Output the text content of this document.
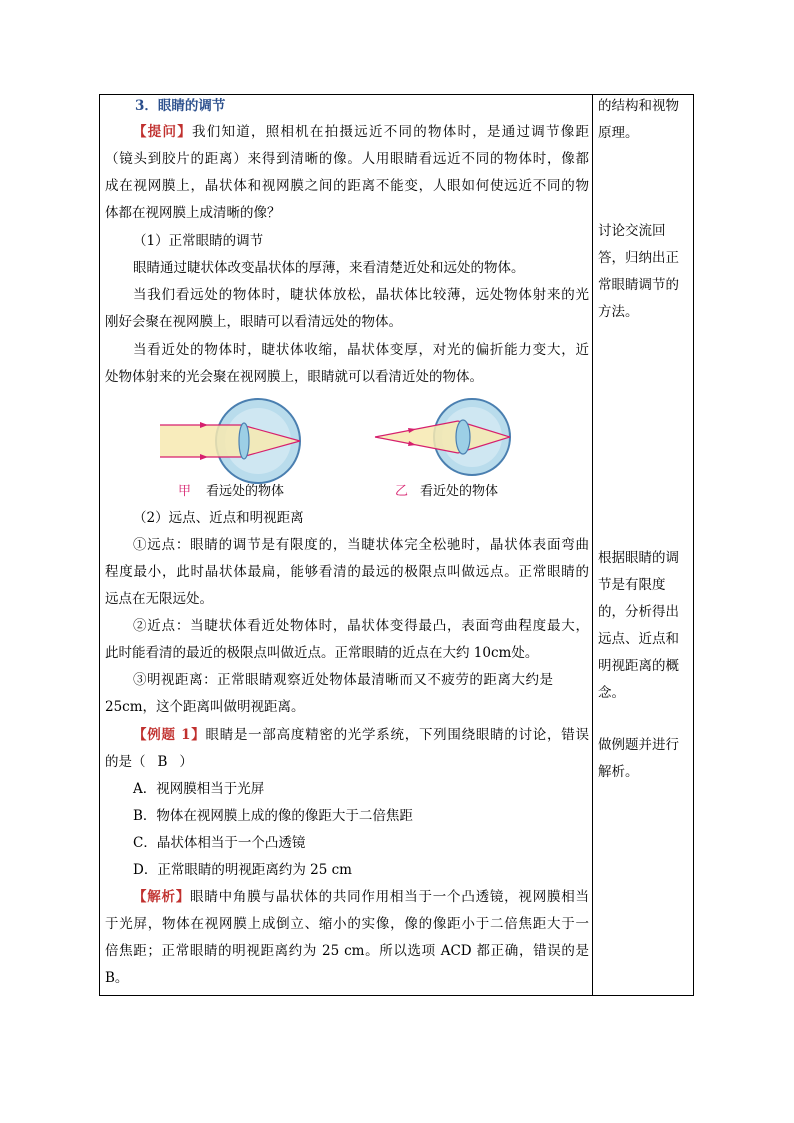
3．眼睛的调节
【提问】我们知道，照相机在拍摄远近不同的物体时，是通过调节像距
（镜头到胶片的距离）来得到清晰的像。人用眼睛看远近不同的物体时，像都
成在视网膜上，晶状体和视网膜之间的距离不能变，人眼如何使远近不同的物
体都在视网膜上成清晰的像？
（1）正常眼睛的调节
眼睛通过睫状体改变晶状体的厚薄，来看清楚近处和远处的物体。
当我们看远处的物体时，睫状体放松，晶状体比较薄，远处物体射来的光
刚好会聚在视网膜上，眼睛可以看清远处的物体。
当看近处的物体时，睫状体收缩，晶状体变厚，对光的偏折能力变大，近
处物体射来的光会聚在视网膜上，眼睛就可以看清近处的物体。
（2）远点、近点和明视距离
①远点：眼睛的调节是有限度的，当睫状体完全松驰时，晶状体表面弯曲
程度最小，此时晶状体最扁，能够看清的最远的极限点叫做远点。正常眼睛的
远点在无限远处。
②近点：当睫状体看近处物体时，晶状体变得最凸，表面弯曲程度最大，
此时能看清的最近的极限点叫做近点。正常眼睛的近点在大约 10cm处。
③明视距离：正常眼睛观察近处物体最清晰而又不疲劳的距离大约是
25cm，这个距离叫做明视距离。
【例题 1】眼睛是一部高度精密的光学系统，下列围绕眼睛的讨论，错误
的是（ B ）
A．视网膜相当于光屏
B．物体在视网膜上成的像的像距大于二倍焦距
C．晶状体相当于一个凸透镜
D．正常眼睛的明视距离约为 25 cm
【解析】眼睛中角膜与晶状体的共同作用相当于一个凸透镜，视网膜相当
于光屏，物体在视网膜上成倒立、缩小的实像，像的像距小于二倍焦距大于一
倍焦距；正常眼睛的明视距离约为 25 cm。所以选项 ACD 都正确，错误的是
B。
甲 看远处的物体	乙 看近处的物体
的结构和视物
原理。
讨论交流回
答，归纳出正
常眼睛调节的
方法。
根据眼睛的调
节是有限度
的，分析得出
远点、近点和
明视距离的概
念。
做例题并进行
解析。
